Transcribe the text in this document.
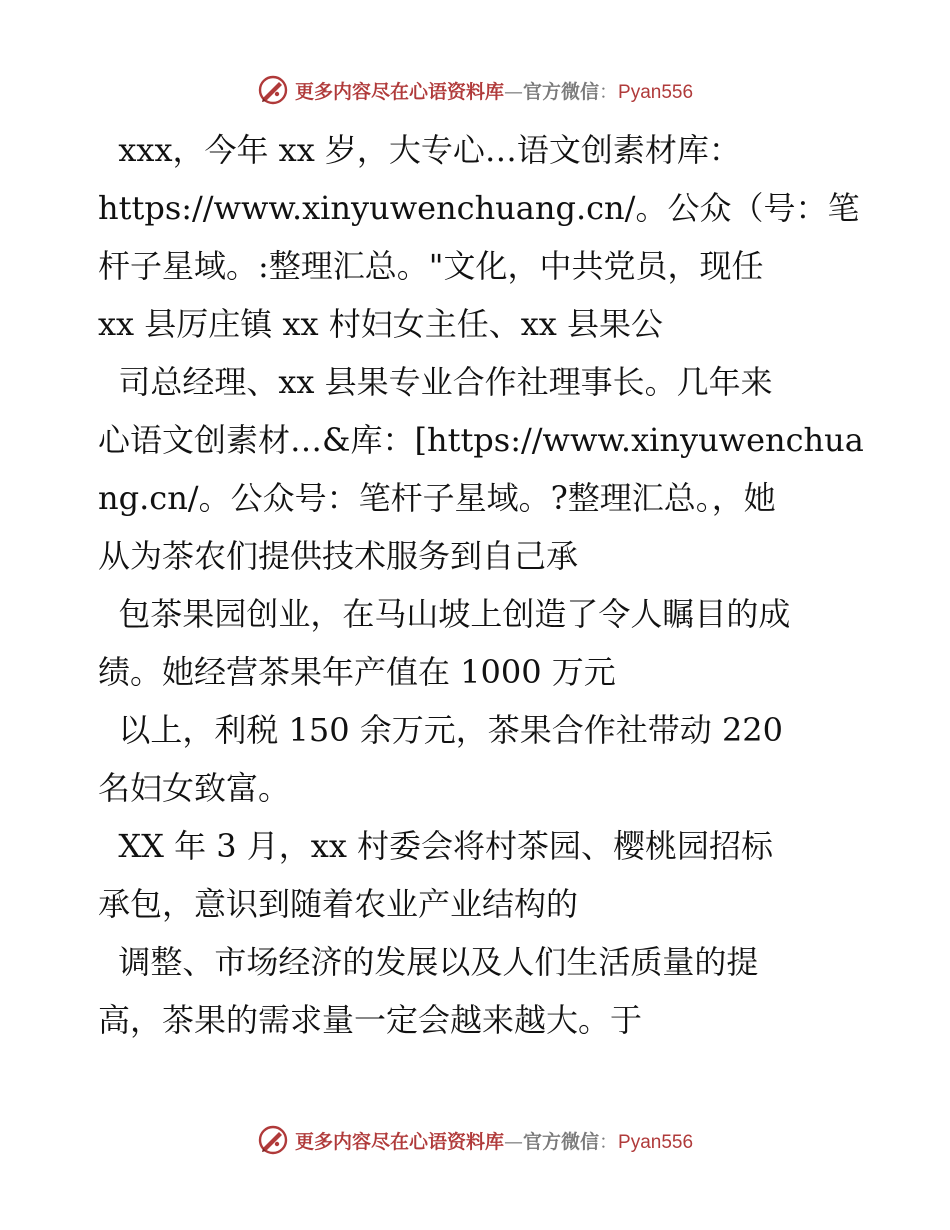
更多内容尽在心语资料库—官方微信：Pyan556
xxx，今年 xx 岁，大专心…语文创素材库：
https://www.xinyuwenchuang.cn/。公众（号：笔
杆子星域。:整理汇总。"文化，中共党员，现任
xx 县厉庄镇 xx 村妇女主任、xx 县果公
司总经理、xx 县果专业合作社理事长。几年来
心语文创素材…&库：[https://www.xinyuwenchua
ng.cn/。公众号：笔杆子星域。?整理汇总。，她
从为茶农们提供技术服务到自己承
包茶果园创业，在马山坡上创造了令人瞩目的成
绩。她经营茶果年产值在 1000 万元
以上，利税 150 余万元，茶果合作社带动 220
名妇女致富。
XX 年 3 月，xx 村委会将村茶园、樱桃园招标
承包，意识到随着农业产业结构的
调整、市场经济的发展以及人们生活质量的提
高，茶果的需求量一定会越来越大。于
更多内容尽在心语资料库—官方微信：Pyan556
